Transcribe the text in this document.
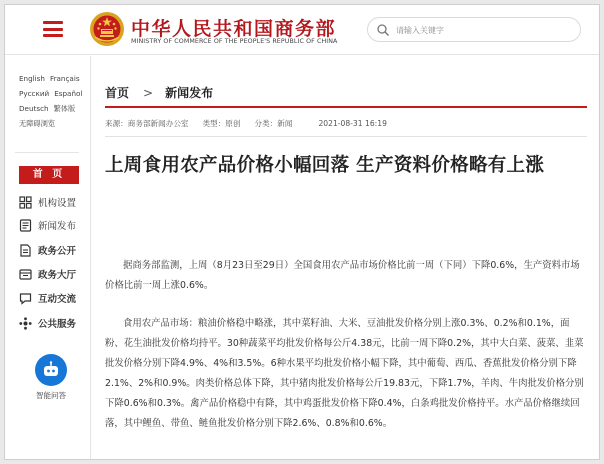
中华人民共和国商务部
MINISTRY OF COMMERCE OF THE PEOPLE'S REPUBLIC OF CHINA
请输入关键字
English Français
Русский Español
Deutsch 繁体版
无障碍浏览
首 页
机构设置
新闻发布
政务公开
政务大厅
互动交流
公共服务
智能问答
首页 > 新闻发布
来源：商务部新闻办公室 类型：原创 分类：新闻	2021-08-31 16:19
上周食用农产品价格小幅回落 生产资料价格略有上涨

据商务部监测，上周（8月23日至29日）全国食用农产品市场价格比前一周（下同）下降0.6%，生产资料市场价格比前一周上涨0.6%。

食用农产品市场：粮油价格稳中略涨，其中菜籽油、大米、豆油批发价格分别上涨0.3%、0.2%和0.1%，面粉、花生油批发价格均持平。30种蔬菜平均批发价格每公斤4.38元，比前一周下降0.2%，其中大白菜、菠菜、韭菜批发价格分别下降4.9%、4%和3.5%。6种水果平均批发价格小幅下降，其中葡萄、西瓜、香蕉批发价格分别下降2.1%、2%和0.9%。肉类价格总体下降，其中猪肉批发价格每公斤19.83元，下降1.7%，羊肉、牛肉批发价格分别下降0.6%和0.3%。禽产品价格稳中有降，其中鸡蛋批发价格下降0.4%，白条鸡批发价格持平。水产品价格继续回落，其中鲤鱼、带鱼、鲢鱼批发价格分别下降2.6%、0.8%和0.6%。
